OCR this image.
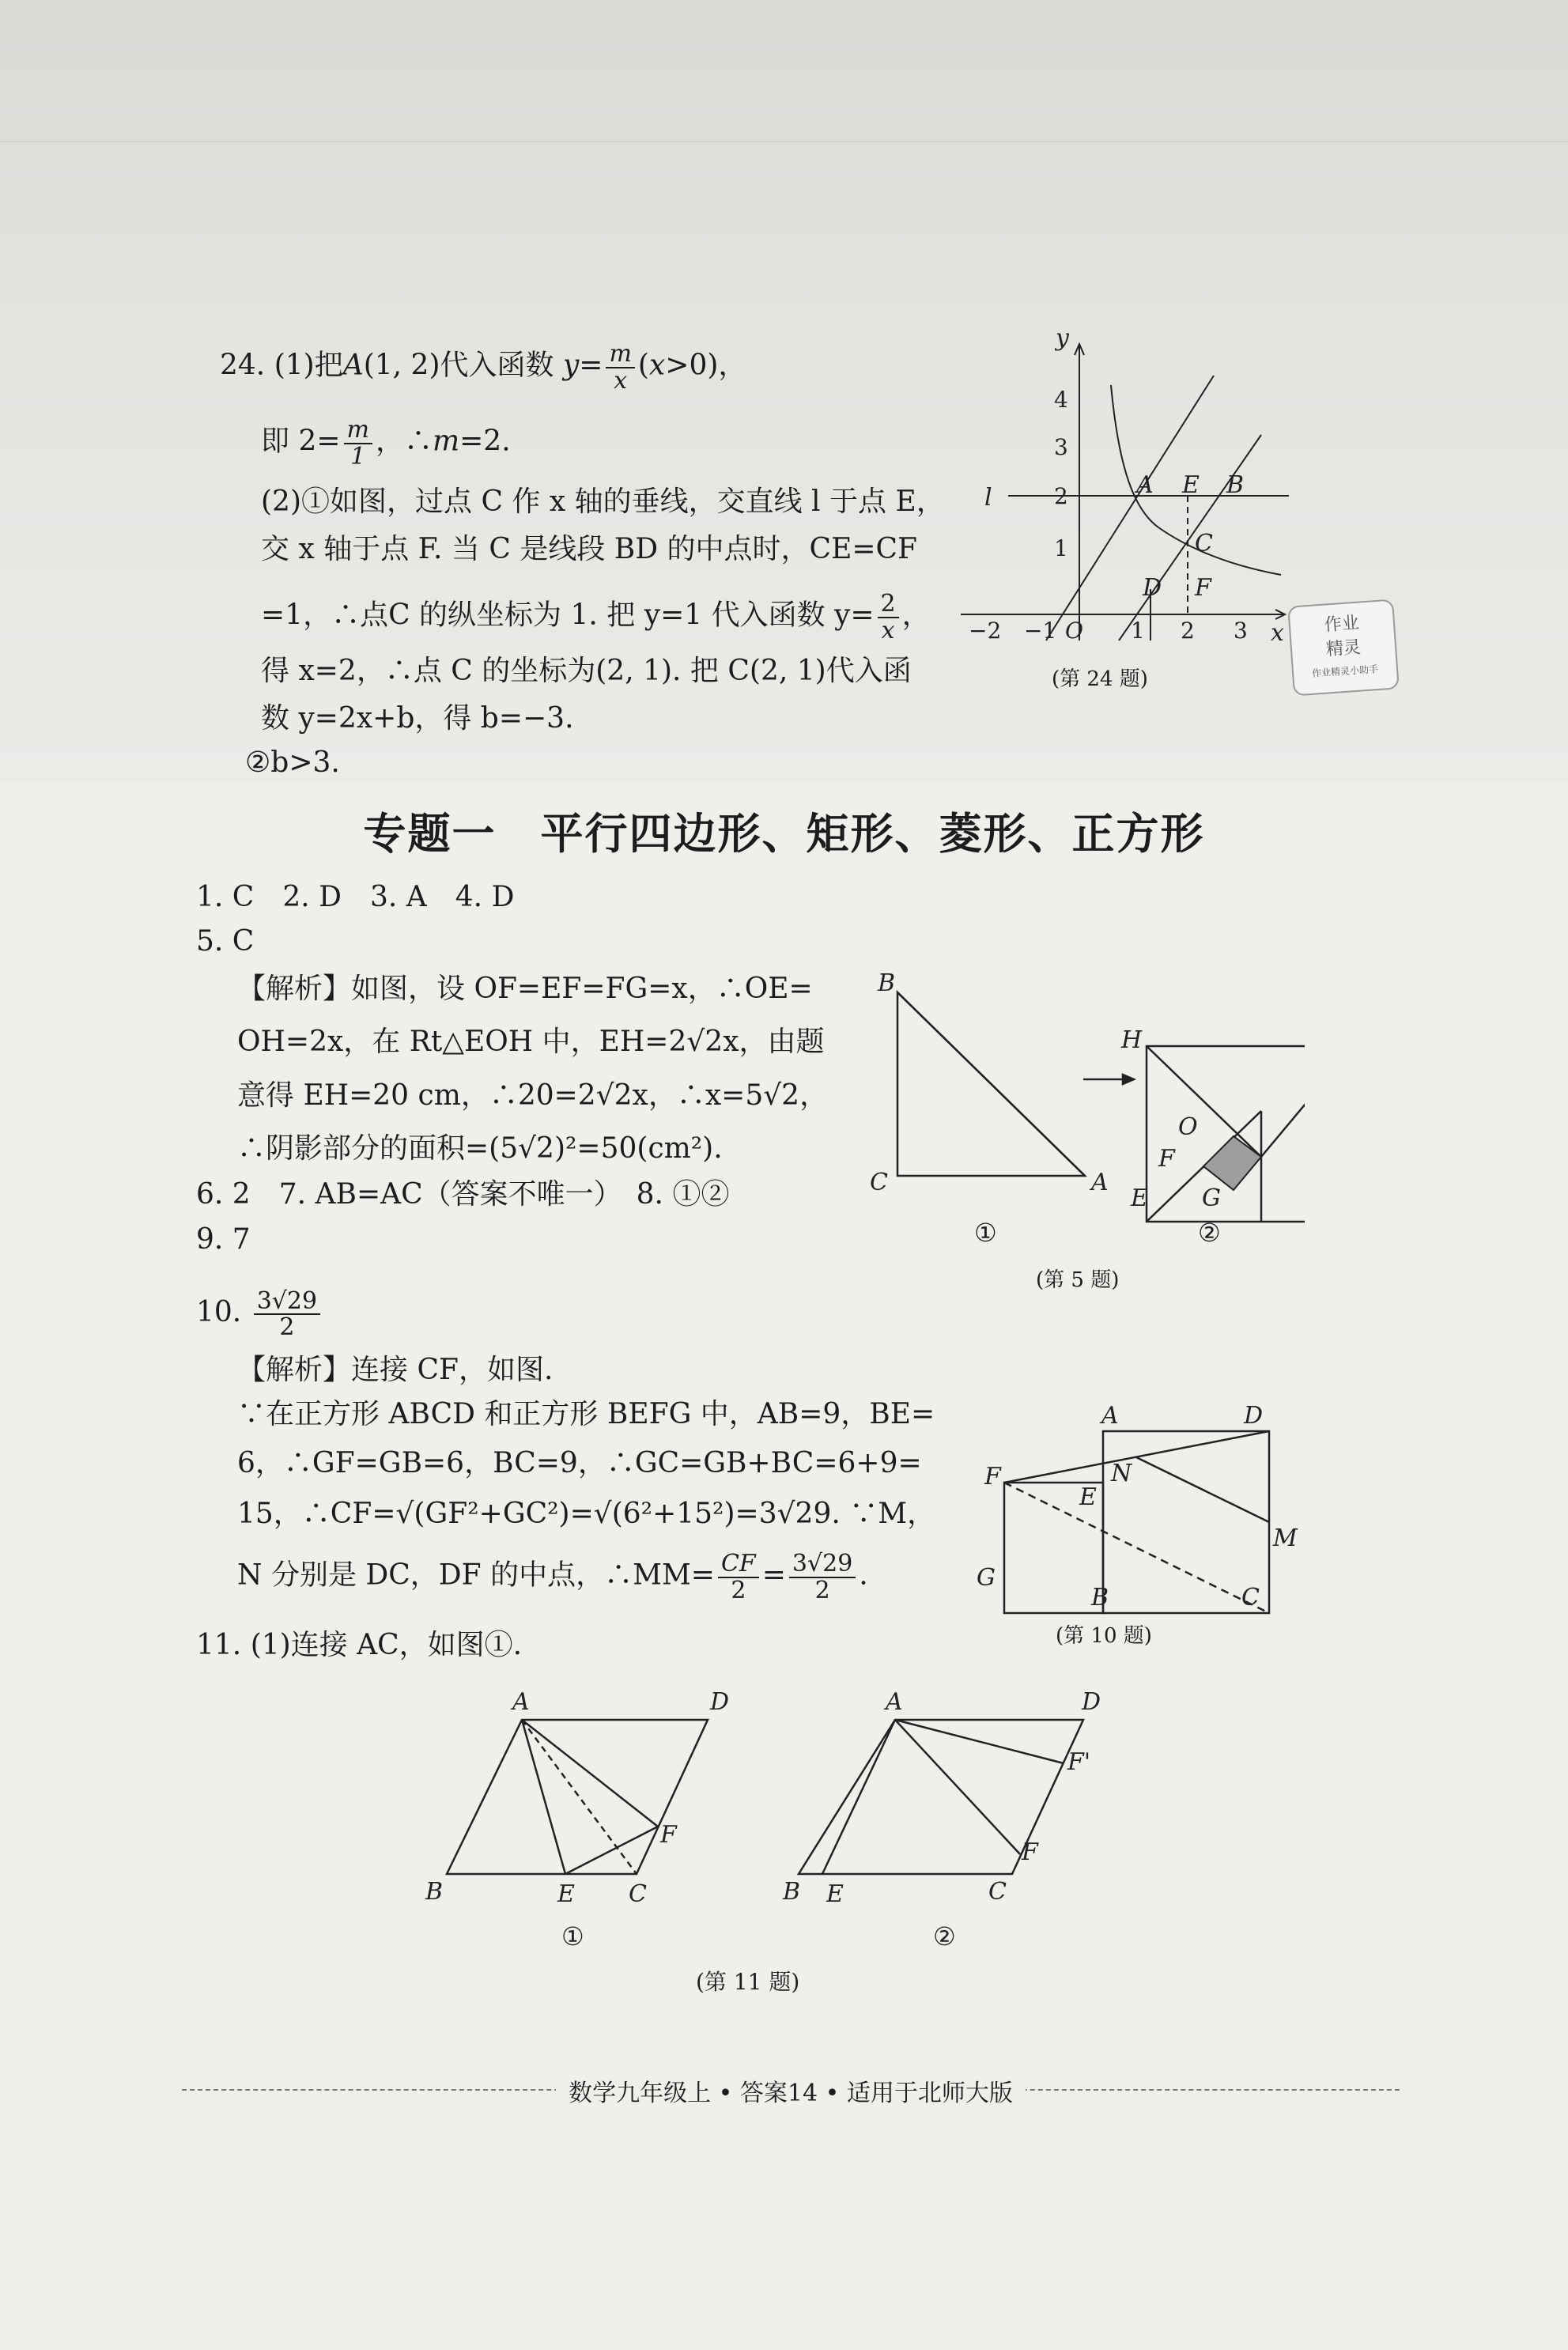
24. (1)把A(1, 2)代入函数 $y= \frac{m}{x} (x>0)$，
即 $2= \frac{m}{1}$ ，∴m=2.
(2)①如图，过点 C 作 x 轴的垂线，交直线 l 于点 E，
交 x 轴于点 F. 当 C 是线段 BD 的中点时，CE=CF
=1，∴点C 的纵坐标为 1. 把 y=1 代入函数 $y= \frac{2}{x}$ ，
得 x=2，∴点 C 的坐标为(2, 1). 把 C(2, 1)代入函
数 y=2x+b，得 b=−3.
②b>3.
y
x
l	A E B
C
D F
4
3
2
1
−2 −1 O 1 2 3
(第 24 题)
作业
精灵
作业精灵小助手
专题一　平行四边形、矩形、菱形、正方形
1. C　2. D　3. A　4. D
5. C
【解析】如图，设 OF=EF=FG=x，∴OE=
OH=2x，在 Rt△EOH 中，EH=2√2x，由题
意得 EH=20 cm，∴20=2√2x，∴x=5√2，
∴阴影部分的面积=(5√2)²=50(cm²).
6. 2　7. AB=AC（答案不唯一）　8. ①②
9. 7
B
C	A
H
O
F
E G
①	②
(第 5 题)
10. $\frac{3√29}{2}$
【解析】连接 CF，如图.
∵在正方形 ABCD 和正方形 BEFG 中，AB=9，BE=
6，∴GF=GB=6，BC=9，∴GC=GB+BC=6+9=
15，∴CF=√(GF²+GC²)=√(6²+15²)=3√29. ∵M，
N 分别是 DC，DF 的中点，∴MM= $\frac{CF}{2} = \frac{3√29}{2}$ .
A	D
F	N
E
M
G
B	C
(第 10 题)
11. (1)连接 AC，如图①.
A	D
F
B	E C
A	D
F'
F
B E	C
①	②
(第 11 题)
数学九年级上 • 答案14 • 适用于北师大版
